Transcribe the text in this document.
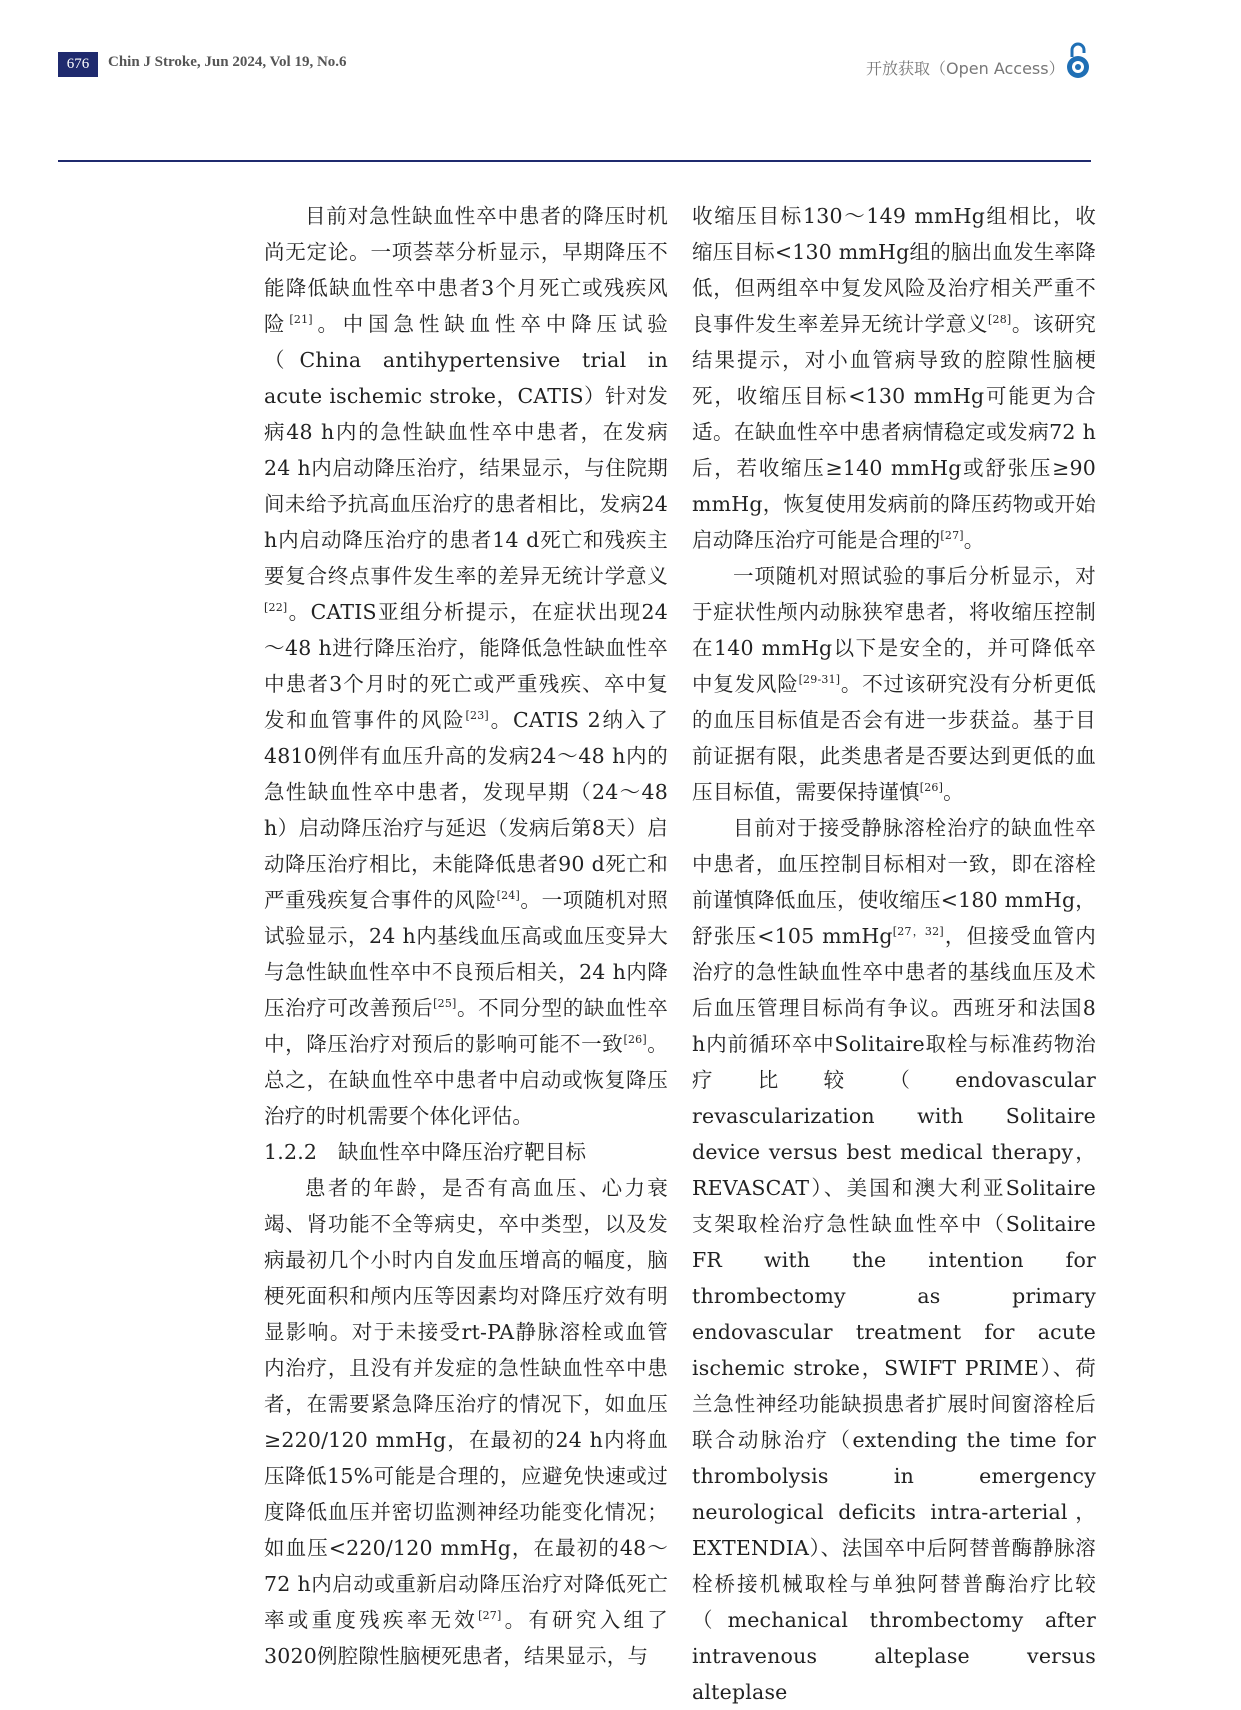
676	Chin J Stroke, Jun 2024, Vol 19, No.6	开放获取（Open Access）

目前对急性缺血性卒中患者的降压时机尚无定论。一项荟萃分析显示，早期降压不能降低缺血性卒中患者3个月死亡或残疾风险[21]。中国急性缺血性卒中降压试验（China antihypertensive trial in acute ischemic stroke，CATIS）针对发病48 h内的急性缺血性卒中患者，在发病24 h内启动降压治疗，结果显示，与住院期间未给予抗高血压治疗的患者相比，发病24 h内启动降压治疗的患者14 d死亡和残疾主要复合终点事件发生率的差异无统计学意义[22]。CATIS亚组分析提示，在症状出现24～48 h进行降压治疗，能降低急性缺血性卒中患者3个月时的死亡或严重残疾、卒中复发和血管事件的风险[23]。CATIS 2纳入了4810例伴有血压升高的发病24～48 h内的急性缺血性卒中患者，发现早期（24～48 h）启动降压治疗与延迟（发病后第8天）启动降压治疗相比，未能降低患者90 d死亡和严重残疾复合事件的风险[24]。一项随机对照试验显示，24 h内基线血压高或血压变异大与急性缺血性卒中不良预后相关，24 h内降压治疗可改善预后[25]。不同分型的缺血性卒中，降压治疗对预后的影响可能不一致[26]。总之，在缺血性卒中患者中启动或恢复降压治疗的时机需要个体化评估。

1.2.2　缺血性卒中降压治疗靶目标

患者的年龄，是否有高血压、心力衰竭、肾功能不全等病史，卒中类型，以及发病最初几个小时内自发血压增高的幅度，脑梗死面积和颅内压等因素均对降压疗效有明显影响。对于未接受rt-PA静脉溶栓或血管内治疗，且没有并发症的急性缺血性卒中患者，在需要紧急降压治疗的情况下，如血压≥220/120 mmHg，在最初的24 h内将血压降低15%可能是合理的，应避免快速或过度降低血压并密切监测神经功能变化情况；如血压<220/120 mmHg，在最初的48～72 h内启动或重新启动降压治疗对降低死亡率或重度残疾率无效[27]。有研究入组了3020例腔隙性脑梗死患者，结果显示，与

收缩压目标130～149 mmHg组相比，收缩压目标<130 mmHg组的脑出血发生率降低，但两组卒中复发风险及治疗相关严重不良事件发生率差异无统计学意义[28]。该研究结果提示，对小血管病导致的腔隙性脑梗死，收缩压目标<130 mmHg可能更为合适。在缺血性卒中患者病情稳定或发病72 h后，若收缩压≥140 mmHg或舒张压≥90 mmHg，恢复使用发病前的降压药物或开始启动降压治疗可能是合理的[27]。

一项随机对照试验的事后分析显示，对于症状性颅内动脉狭窄患者，将收缩压控制在140 mmHg以下是安全的，并可降低卒中复发风险[29-31]。不过该研究没有分析更低的血压目标值是否会有进一步获益。基于目前证据有限，此类患者是否要达到更低的血压目标值，需要保持谨慎[26]。

目前对于接受静脉溶栓治疗的缺血性卒中患者，血压控制目标相对一致，即在溶栓前谨慎降低血压，使收缩压<180 mmHg，舒张压<105 mmHg[27，32]，但接受血管内治疗的急性缺血性卒中患者的基线血压及术后血压管理目标尚有争议。西班牙和法国8 h内前循环卒中Solitaire取栓与标准药物治疗比较（endovascular revascularization with Solitaire device versus best medical therapy，REVASCAT）、美国和澳大利亚Solitaire支架取栓治疗急性缺血性卒中（Solitaire FR with the intention for thrombectomy as primary endovascular treatment for acute ischemic stroke，SWIFT PRIME）、荷兰急性神经功能缺损患者扩展时间窗溶栓后联合动脉治疗（extending the time for thrombolysis in emergency neurological deficits intra-arterial，EXTENDIA）、法国卒中后阿替普酶静脉溶栓桥接机械取栓与单独阿替普酶治疗比较（mechanical thrombectomy after intravenous alteplase versus alteplase
